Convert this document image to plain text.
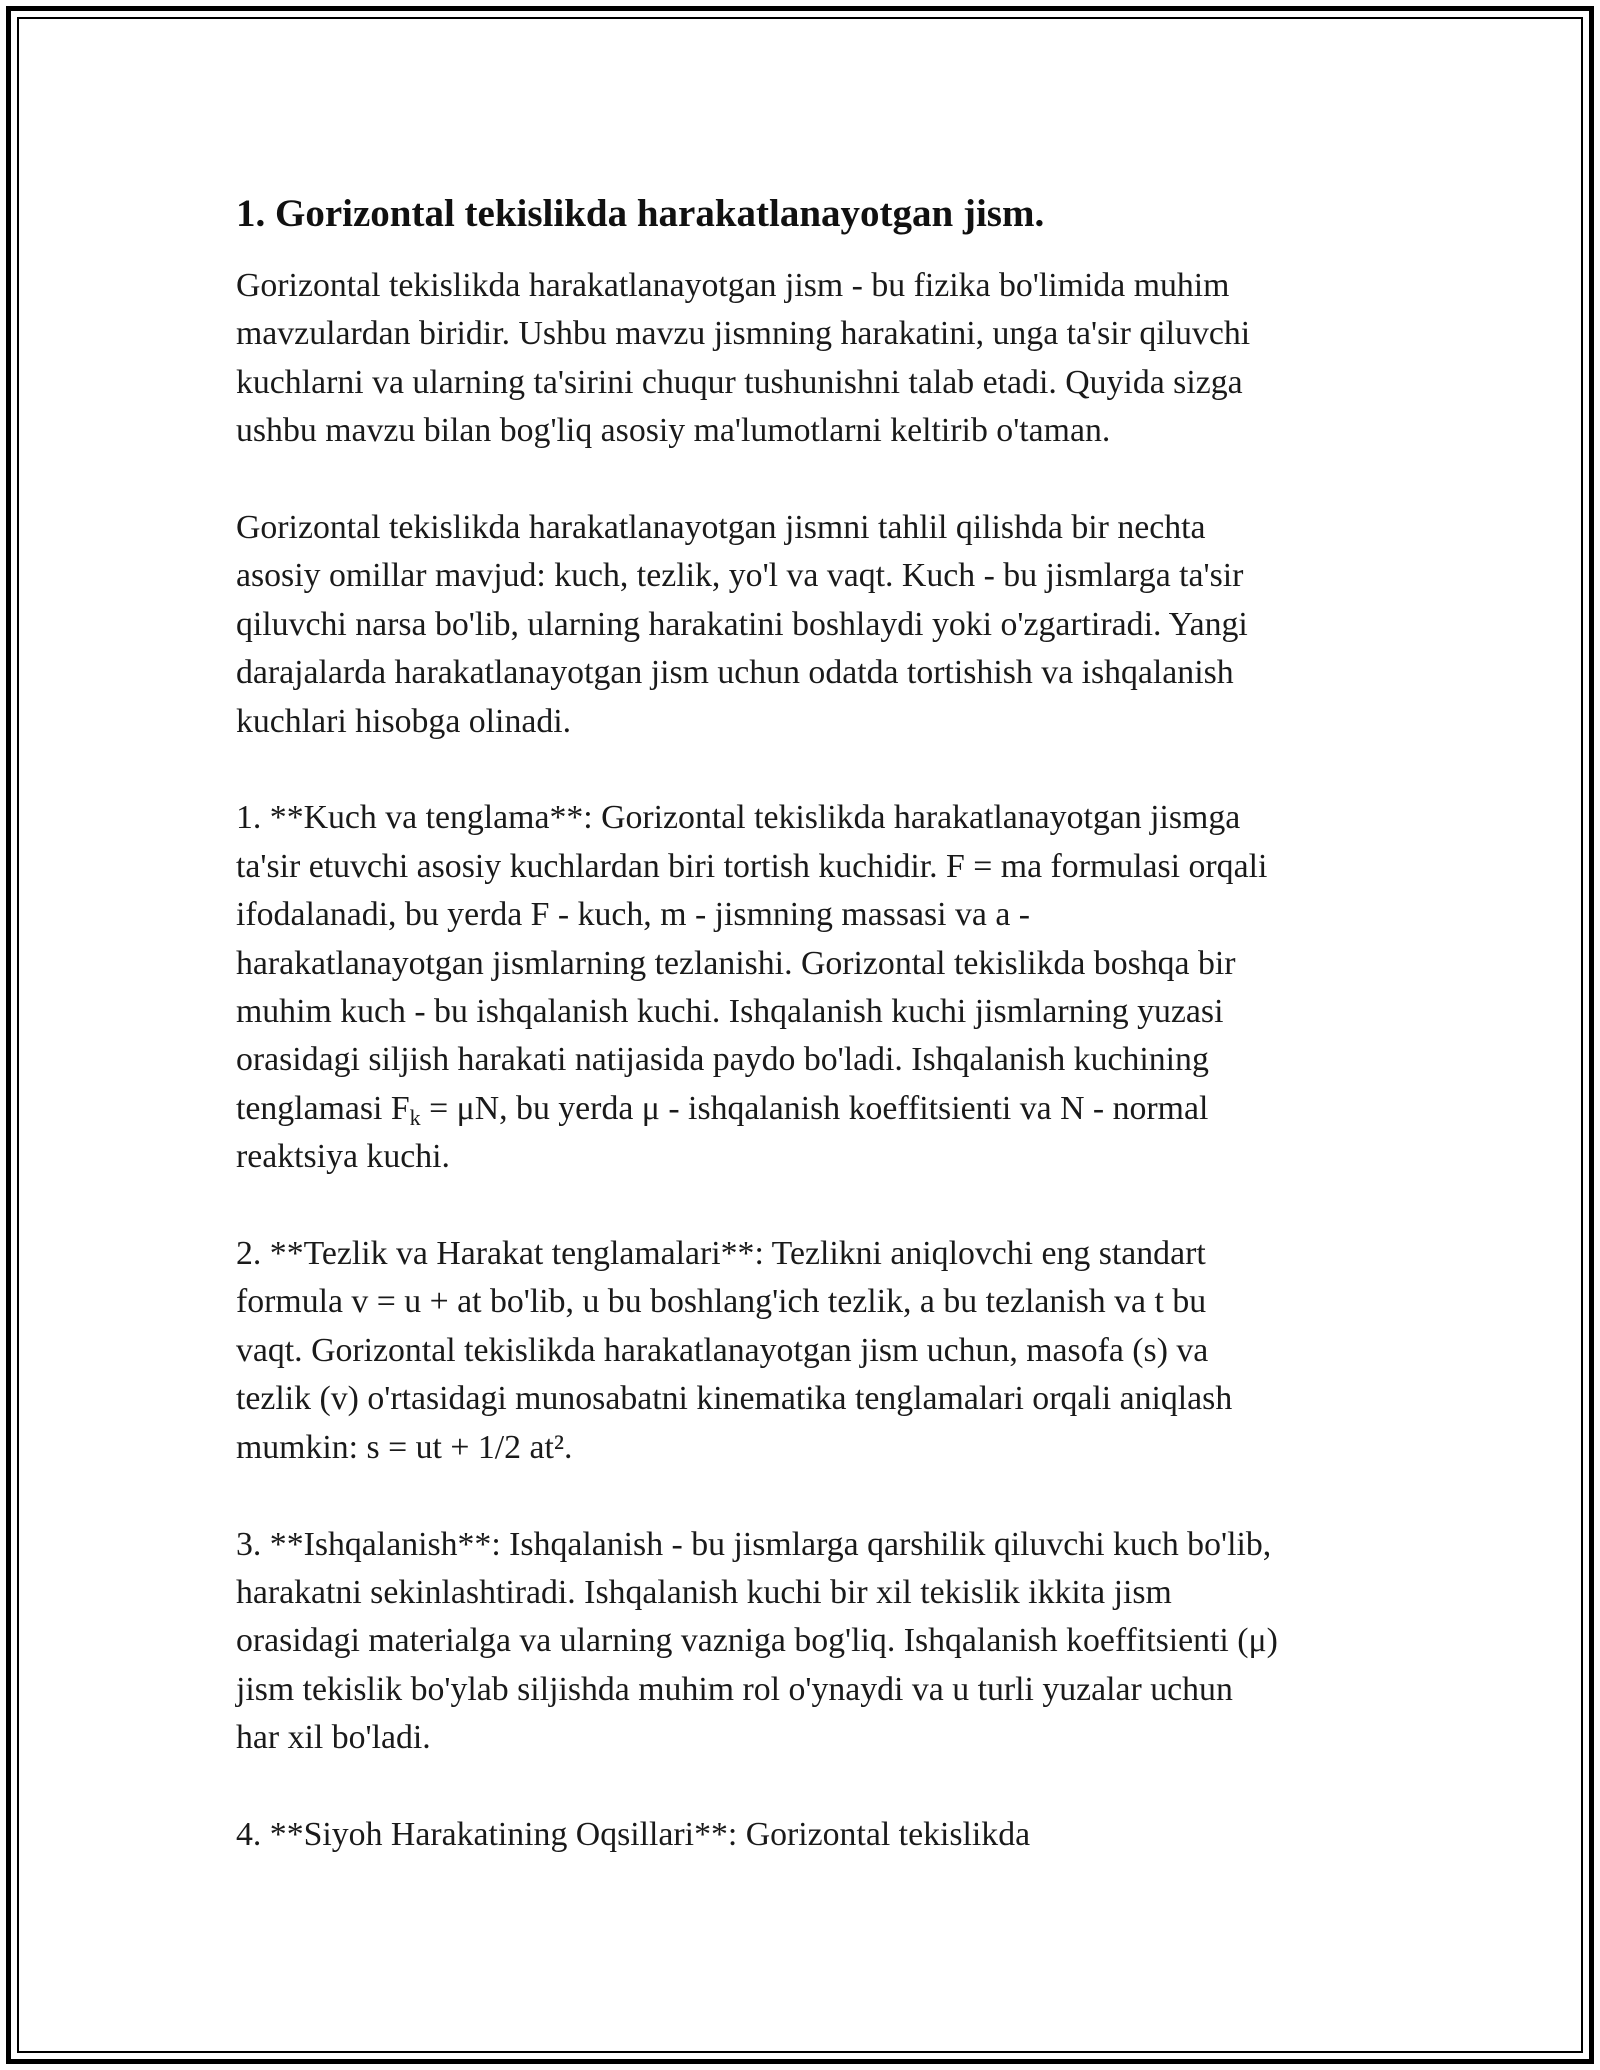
1. Gorizontal tekislikda harakatlanayotgan jism.

Gorizontal tekislikda harakatlanayotgan jism - bu fizika bo'limida muhim
mavzulardan biridir. Ushbu mavzu jismning harakatini, unga ta'sir qiluvchi
kuchlarni va ularning ta'sirini chuqur tushunishni talab etadi. Quyida sizga
ushbu mavzu bilan bog'liq asosiy ma'lumotlarni keltirib o'taman.

Gorizontal tekislikda harakatlanayotgan jismni tahlil qilishda bir nechta
asosiy omillar mavjud: kuch, tezlik, yo'l va vaqt. Kuch - bu jismlarga ta'sir
qiluvchi narsa bo'lib, ularning harakatini boshlaydi yoki o'zgartiradi. Yangi
darajalarda harakatlanayotgan jism uchun odatda tortishish va ishqalanish
kuchlari hisobga olinadi.

1. **Kuch va tenglama**: Gorizontal tekislikda harakatlanayotgan jismga
ta'sir etuvchi asosiy kuchlardan biri tortish kuchidir. F = ma formulasi orqali
ifodalanadi, bu yerda F - kuch, m - jismning massasi va a -
harakatlanayotgan jismlarning tezlanishi. Gorizontal tekislikda boshqa bir
muhim kuch - bu ishqalanish kuchi. Ishqalanish kuchi jismlarning yuzasi
orasidagi siljish harakati natijasida paydo bo'ladi. Ishqalanish kuchining
tenglamasi $F_k = \mu N$, bu yerda μ - ishqalanish koeffitsienti va N - normal
reaktsiya kuchi.

2. **Tezlik va Harakat tenglamalari**: Tezlikni aniqlovchi eng standart
formula v = u + at bo'lib, u bu boshlang'ich tezlik, a bu tezlanish va t bu
vaqt. Gorizontal tekislikda harakatlanayotgan jism uchun, masofa (s) va
tezlik (v) o'rtasidagi munosabatni kinematika tenglamalari orqali aniqlash
mumkin: s = ut + 1/2 at².

3. **Ishqalanish**: Ishqalanish - bu jismlarga qarshilik qiluvchi kuch bo'lib,
harakatni sekinlashtiradi. Ishqalanish kuchi bir xil tekislik ikkita jism
orasidagi materialga va ularning vazniga bog'liq. Ishqalanish koeffitsienti (μ)
jism tekislik bo'ylab siljishda muhim rol o'ynaydi va u turli yuzalar uchun
har xil bo'ladi.

4. **Siyoh Harakatining Oqsillari**: Gorizontal tekislikda
